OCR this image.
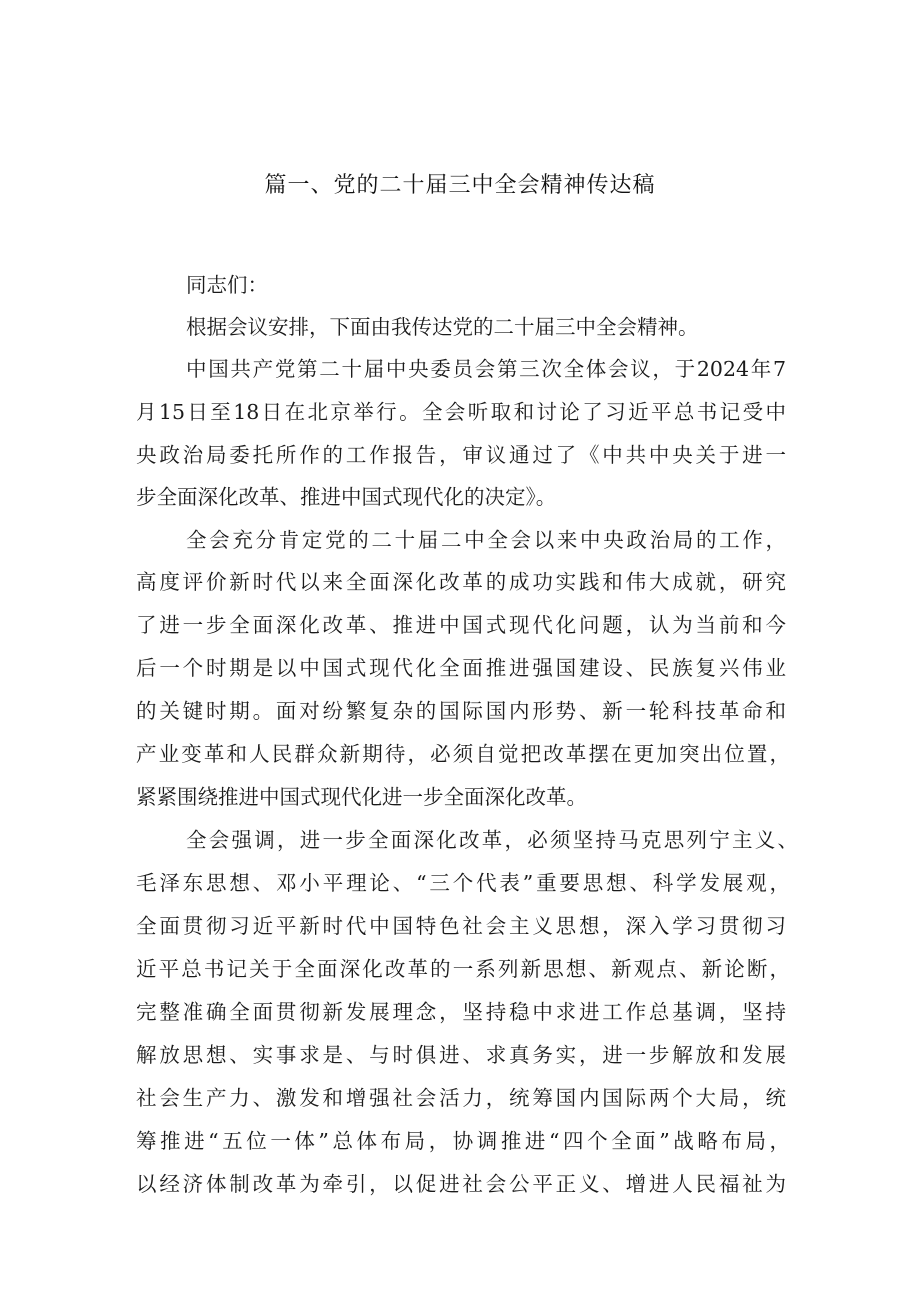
篇一、党的二十届三中全会精神传达稿
同志们：
根据会议安排，下面由我传达党的二十届三中全会精神。
中国共产党第二十届中央委员会第三次全体会议，于2024年7
月15日至18日在北京举行。全会听取和讨论了习近平总书记受中
央政治局委托所作的工作报告，审议通过了《中共中央关于进一
步全面深化改革、推进中国式现代化的决定》。
全会充分肯定党的二十届二中全会以来中央政治局的工作，
高度评价新时代以来全面深化改革的成功实践和伟大成就，研究
了进一步全面深化改革、推进中国式现代化问题，认为当前和今
后一个时期是以中国式现代化全面推进强国建设、民族复兴伟业
的关键时期。面对纷繁复杂的国际国内形势、新一轮科技革命和
产业变革和人民群众新期待，必须自觉把改革摆在更加突出位置，
紧紧围绕推进中国式现代化进一步全面深化改革。
全会强调，进一步全面深化改革，必须坚持马克思列宁主义、
毛泽东思想、邓小平理论、“三个代表”重要思想、科学发展观，
全面贯彻习近平新时代中国特色社会主义思想，深入学习贯彻习
近平总书记关于全面深化改革的一系列新思想、新观点、新论断，
完整准确全面贯彻新发展理念，坚持稳中求进工作总基调，坚持
解放思想、实事求是、与时俱进、求真务实，进一步解放和发展
社会生产力、激发和增强社会活力，统筹国内国际两个大局，统
筹推进“五位一体”总体布局，协调推进“四个全面”战略布局，
以经济体制改革为牵引，以促进社会公平正义、增进人民福祉为
